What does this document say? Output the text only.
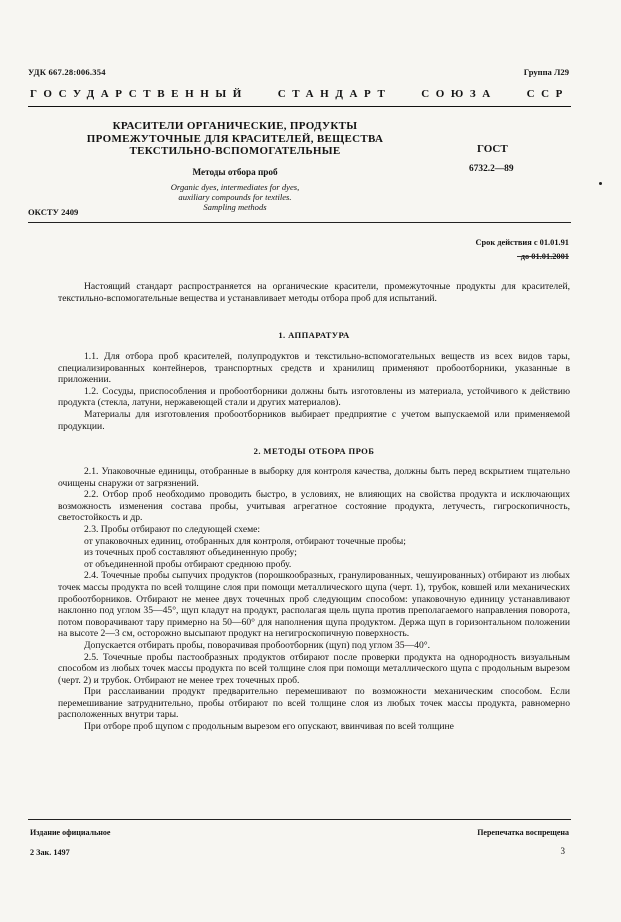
УДК 667.28:006.354	Группа Л29
ГОСУДАРСТВЕННЫЙ	СТАНДАРТ	СОЮЗА	ССР
КРАСИТЕЛИ ОРГАНИЧЕСКИЕ, ПРОДУКТЫ
ПРОМЕЖУТОЧНЫЕ ДЛЯ КРАСИТЕЛЕЙ, ВЕЩЕСТВА
ТЕКСТИЛЬНО-ВСПОМОГАТЕЛЬНЫЕ
Методы отбора проб
Organic dyes, intermediates for dyes,
auxiliary compounds for textiles.
Sampling methods
ГОСТ
6732.2—89
ОКСТУ 2409
Срок действия с 01.01.91
до 01.01.2001

Настоящий стандарт распространяется на органические красители, промежуточные продукты для красителей, текстильно-вспомогательные вещества и устанавливает методы отбора проб для испытаний.

1. АППАРАТУРА

1.1. Для отбора проб красителей, полупродуктов и текстильно-вспомогательных веществ из всех видов тары, специализированных контейнеров, транспортных средств и хранилищ применяют пробоотборники, указанные в приложении.

1.2. Сосуды, приспособления и пробоотборники должны быть изготовлены из материала, устойчивого к действию продукта (стекла, латуни, нержавеющей стали и других материалов).

Материалы для изготовления пробоотборников выбирает предприятие с учетом выпускаемой или применяемой продукции.

2. МЕТОДЫ ОТБОРА ПРОБ

2.1. Упаковочные единицы, отобранные в выборку для контроля качества, должны быть перед вскрытием тщательно очищены снаружи от загрязнений.

2.2. Отбор проб необходимо проводить быстро, в условиях, не влияющих на свойства продукта и исключающих возможность изменения состава пробы, учитывая агрегатное состояние продукта, летучесть, гигроскопичность, светостойкость и др.

2.3. Пробы отбирают по следующей схеме:

от упаковочных единиц, отобранных для контроля, отбирают точечные пробы;

из точечных проб составляют объединенную пробу;

от объединенной пробы отбирают среднюю пробу.

2.4. Точечные пробы сыпучих продуктов (порошкообразных, гранулированных, чешуированных) отбирают из любых точек массы продукта по всей толщине слоя при помощи металлического щупа (черт. 1), трубок, ковшей или механических пробоотборников. Отбирают не менее двух точечных проб следующим способом: упаковочную единицу устанавливают наклонно под углом 35—45°, щуп кладут на продукт, располагая щель щупа против преполагаемого направления поворота, потом поворачивают тару примерно на 50—60° для наполнения щупа продуктом. Держа щуп в горизонтальном положении на высоте 2—3 см, осторожно высыпают продукт на негигроскопичную поверхность.

Допускается отбирать пробы, поворачивая пробоотборник (щуп) под углом 35—40°.

2.5. Точечные пробы пастообразных продуктов отбирают после проверки продукта на однородность визуальным способом из любых точек массы продукта по всей толщине слоя при помощи металлического щупа с продольным вырезом (черт. 2) и трубок. Отбирают не менее трех точечных проб.

При расслаивании продукт предварительно перемешивают по возможности механическим способом. Если перемешивание затруднительно, пробы отбирают по всей толщине слоя из любых точек массы продукта, равномерно расположенных внутри тары.

При отборе проб щупом с продольным вырезом его опускают, ввинчивая по всей толщине

Издание официальное	Перепечатка воспрещена
2 Зак. 1497	3
